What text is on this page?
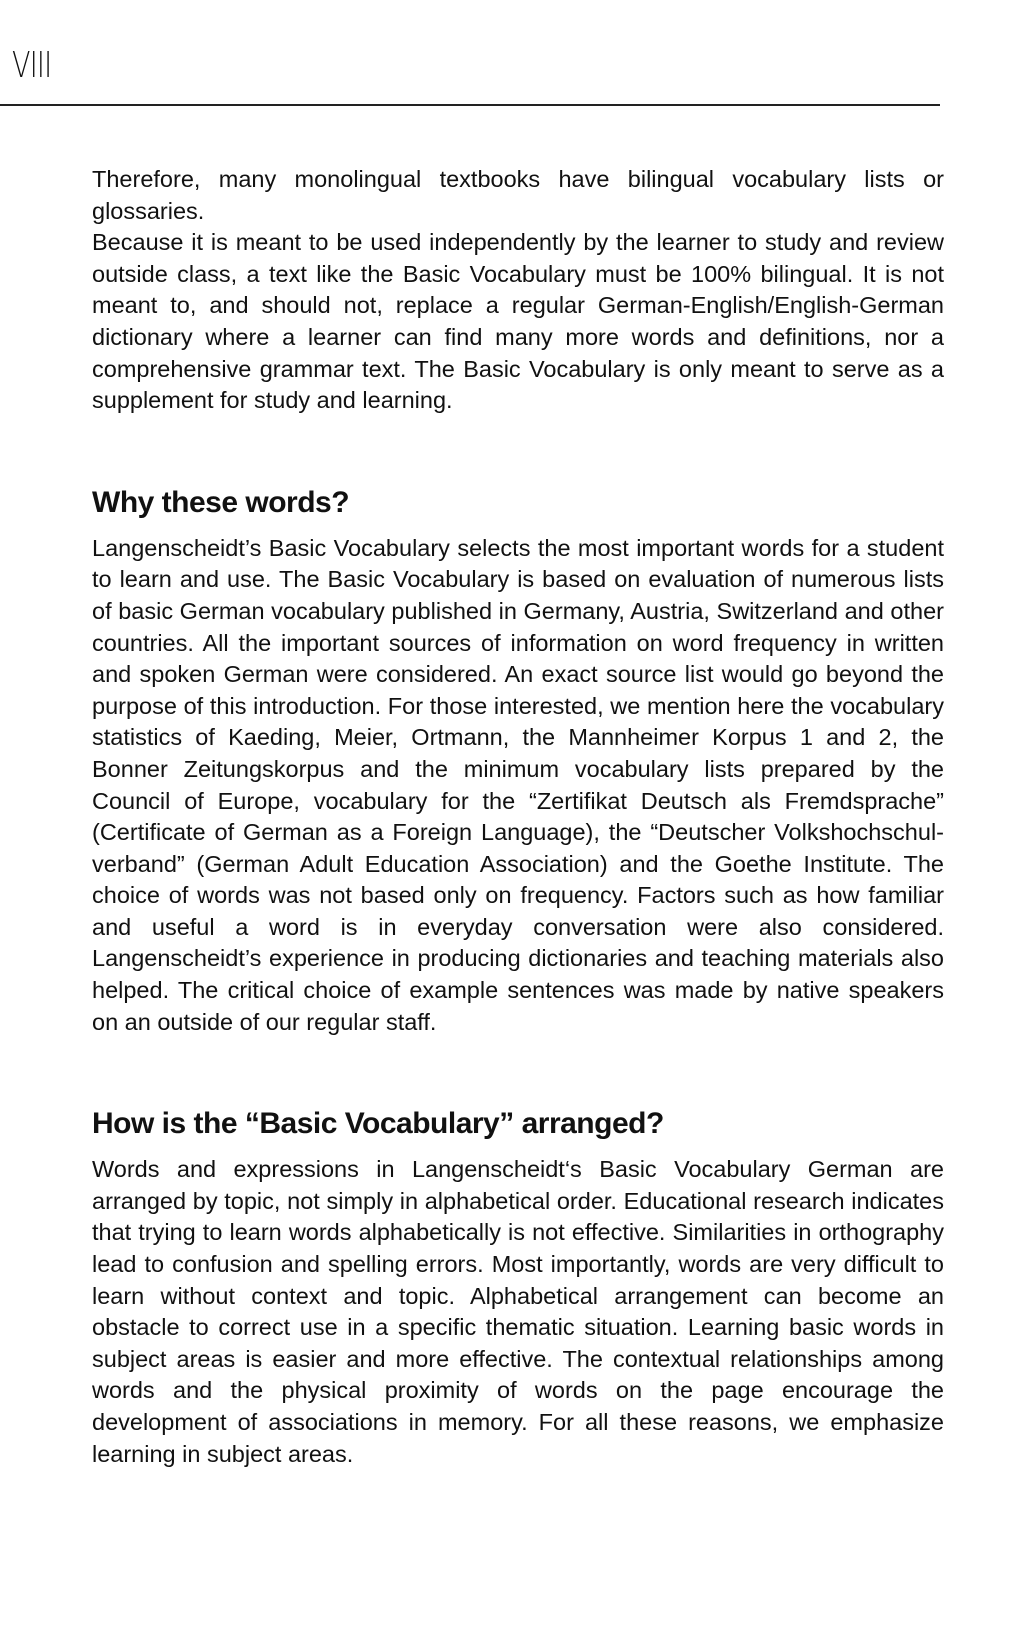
VIII

Therefore, many monolingual textbooks have bilingual vocabulary lists or glossaries.

Because it is meant to be used independently by the learner to study and review outside class, a text like the Basic Vocabulary must be 100% bilingual. It is not meant to, and should not, replace a regular German-English/English-German dictionary where a learner can find many more words and definitions, nor a comprehensive grammar text. The Basic Vocabulary is only meant to serve as a supplement for study and learning.

Why these words?

Langenscheidt’s Basic Vocabulary selects the most important words for a student to learn and use. The Basic Vocabulary is based on evaluation of numerous lists of basic German vocabulary published in Germany, Austria, Switzerland and other countries. All the important sources of information on word frequency in written and spoken German were considered. An exact source list would go beyond the purpose of this introduction. For those interested, we mention here the vocabulary statistics of Kaeding, Meier, Ortmann, the Mannheimer Korpus 1 and 2, the Bonner Zeitungskorpus and the minimum vocabulary lists prepared by the Council of Europe, vocabulary for the “Zertifikat Deutsch als Fremdsprache” (Certificate of German as a Foreign Language), the “Deutscher Volkshochschulverband” (German Adult Education Association) and the Goethe Institute. The choice of words was not based only on frequency. Factors such as how familiar and useful a word is in everyday conversation were also considered. Langenscheidt’s experience in producing dictionaries and teaching materials also helped. The critical choice of example sentences was made by native speakers on an outside of our regular staff.

How is the “Basic Vocabulary” arranged?

Words and expressions in Langenscheidt‘s Basic Vocabulary German are arranged by topic, not simply in alphabetical order. Educational research indicates that trying to learn words alphabetically is not effective. Similarities in orthography lead to confusion and spelling errors. Most importantly, words are very difficult to learn without context and topic. Alphabetical arrangement can become an obstacle to correct use in a specific thematic situation. Learning basic words in subject areas is easier and more effective. The contextual relationships among words and the physical proximity of words on the page encourage the development of associations in memory. For all these reasons, we emphasize learning in subject areas.
